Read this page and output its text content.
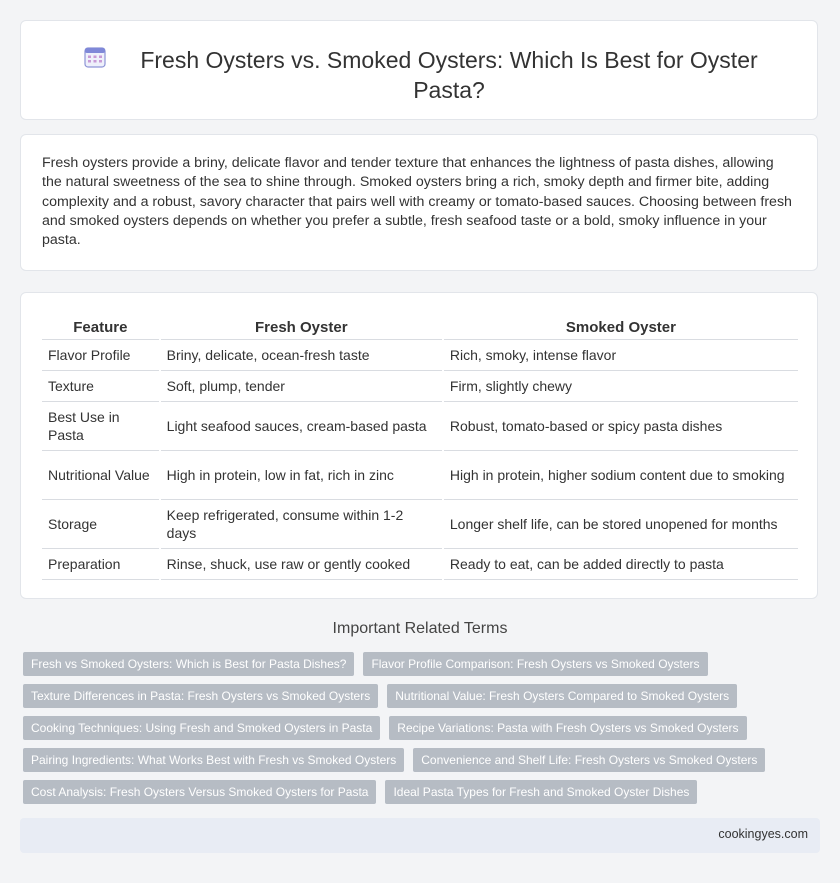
Fresh Oysters vs. Smoked Oysters: Which Is Best for Oyster Pasta?
Fresh oysters provide a briny, delicate flavor and tender texture that enhances the lightness of pasta dishes, allowing the natural sweetness of the sea to shine through. Smoked oysters bring a rich, smoky depth and firmer bite, adding complexity and a robust, savory character that pairs well with creamy or tomato-based sauces. Choosing between fresh and smoked oysters depends on whether you prefer a subtle, fresh seafood taste or a bold, smoky influence in your pasta.
Feature	Fresh Oyster	Smoked Oyster
Flavor Profile	Briny, delicate, ocean-fresh taste	Rich, smoky, intense flavor
Texture	Soft, plump, tender	Firm, slightly chewy
Best Use in Pasta	Light seafood sauces, cream-based pasta	Robust, tomato-based or spicy pasta dishes
Nutritional Value	High in protein, low in fat, rich in zinc	High in protein, higher sodium content due to smoking
Storage	Keep refrigerated, consume within 1-2 days	Longer shelf life, can be stored unopened for months
Preparation	Rinse, shuck, use raw or gently cooked	Ready to eat, can be added directly to pasta
Important Related Terms
Fresh vs Smoked Oysters: Which is Best for Pasta Dishes?	Flavor Profile Comparison: Fresh Oysters vs Smoked Oysters
Texture Differences in Pasta: Fresh Oysters vs Smoked Oysters	Nutritional Value: Fresh Oysters Compared to Smoked Oysters
Cooking Techniques: Using Fresh and Smoked Oysters in Pasta	Recipe Variations: Pasta with Fresh Oysters vs Smoked Oysters
Pairing Ingredients: What Works Best with Fresh vs Smoked Oysters	Convenience and Shelf Life: Fresh Oysters vs Smoked Oysters
Cost Analysis: Fresh Oysters Versus Smoked Oysters for Pasta	Ideal Pasta Types for Fresh and Smoked Oyster Dishes
cookingyes.com
